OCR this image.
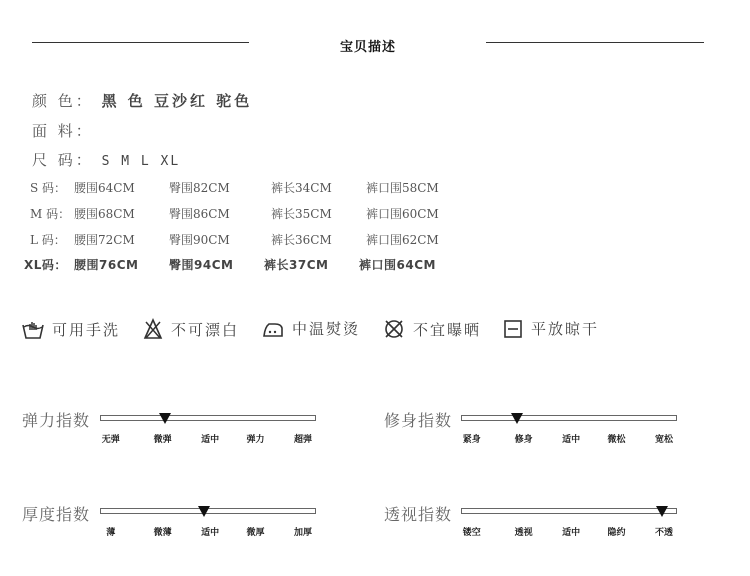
宝贝描述
颜 色： 黑 色 豆沙红 驼色
面 料：
尺 码： S M L XL
S 码： 腰围64CM	臀围82CM	裤长34CM	裤口围58CM
M 码： 腰围68CM	臀围86CM	裤长35CM	裤口围60CM
L 码： 腰围72CM	臀围90CM	裤长36CM	裤口围62CM
XL码： 腰围76CM	臀围94CM	裤长37CM	裤口围64CM
可用手洗	不可漂白	中温熨烫	不宜曝晒	平放晾干
弹力指数
无弹	微弹	适中	弹力	超弹
修身指数
紧身	修身	适中	微松	宽松
厚度指数
薄	微薄	适中	微厚	加厚
透视指数
镂空	透视	适中	隐约	不透
